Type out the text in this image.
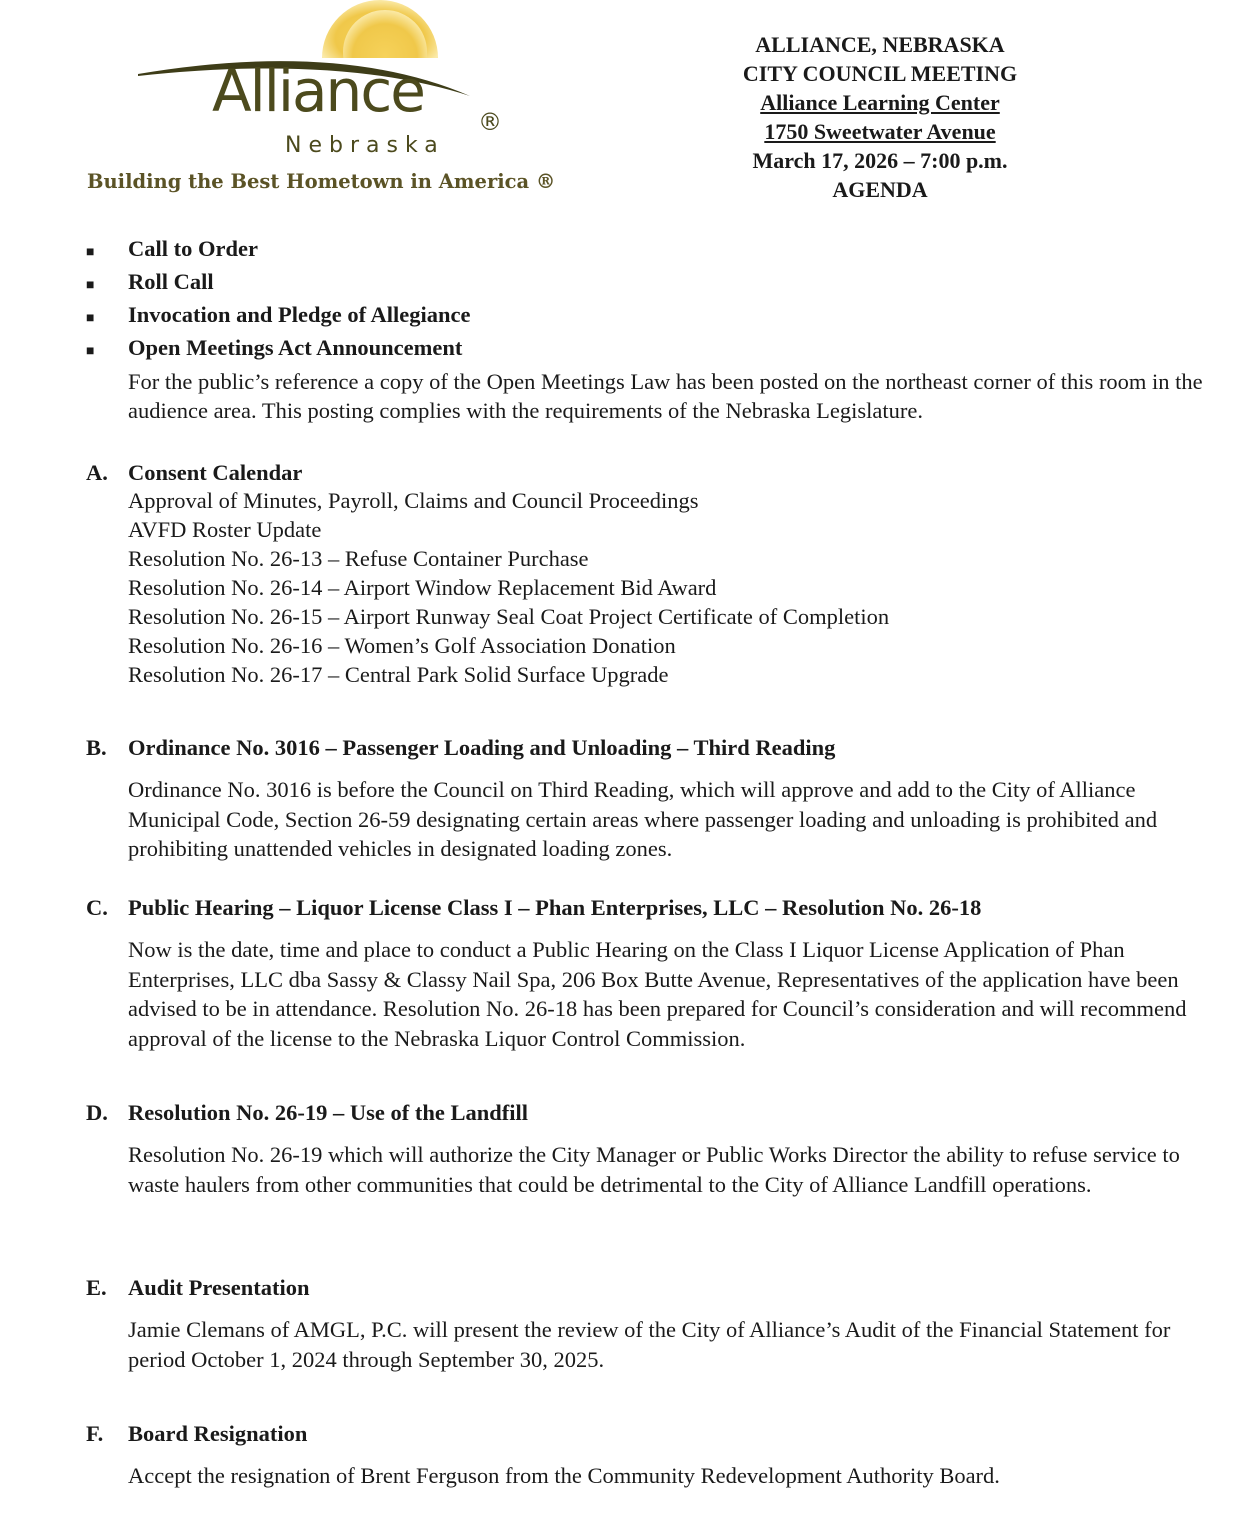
Alliance ®
Nebraska
Building the Best Hometown in America ®
ALLIANCE, NEBRASKA
CITY COUNCIL MEETING
Alliance Learning Center
1750 Sweetwater Avenue
March 17, 2026 – 7:00 p.m.
AGENDA
■	Call to Order
■	Roll Call
■	Invocation and Pledge of Allegiance
■	Open Meetings Act Announcement
For the public’s reference a copy of the Open Meetings Law has been posted on the northeast corner of this room in the audience area. This posting complies with the requirements of the Nebraska Legislature.
A. Consent Calendar
Approval of Minutes, Payroll, Claims and Council Proceedings
AVFD Roster Update
Resolution No. 26-13 – Refuse Container Purchase
Resolution No. 26-14 – Airport Window Replacement Bid Award
Resolution No. 26-15 – Airport Runway Seal Coat Project Certificate of Completion
Resolution No. 26-16 – Women’s Golf Association Donation
Resolution No. 26-17 – Central Park Solid Surface Upgrade
B. Ordinance No. 3016 – Passenger Loading and Unloading – Third Reading
Ordinance No. 3016 is before the Council on Third Reading, which will approve and add to the City of Alliance Municipal Code, Section 26-59 designating certain areas where passenger loading and unloading is prohibited and prohibiting unattended vehicles in designated loading zones.
C. Public Hearing – Liquor License Class I – Phan Enterprises, LLC – Resolution No. 26-18
Now is the date, time and place to conduct a Public Hearing on the Class I Liquor License Application of Phan Enterprises, LLC dba Sassy & Classy Nail Spa, 206 Box Butte Avenue, Representatives of the application have been advised to be in attendance. Resolution No. 26-18 has been prepared for Council’s consideration and will recommend approval of the license to the Nebraska Liquor Control Commission.
D. Resolution No. 26-19 – Use of the Landfill
Resolution No. 26-19 which will authorize the City Manager or Public Works Director the ability to refuse service to waste haulers from other communities that could be detrimental to the City of Alliance Landfill operations.
E. Audit Presentation
Jamie Clemans of AMGL, P.C. will present the review of the City of Alliance’s Audit of the Financial Statement for period October 1, 2024 through September 30, 2025.
F.	Board Resignation
Accept the resignation of Brent Ferguson from the Community Redevelopment Authority Board.
